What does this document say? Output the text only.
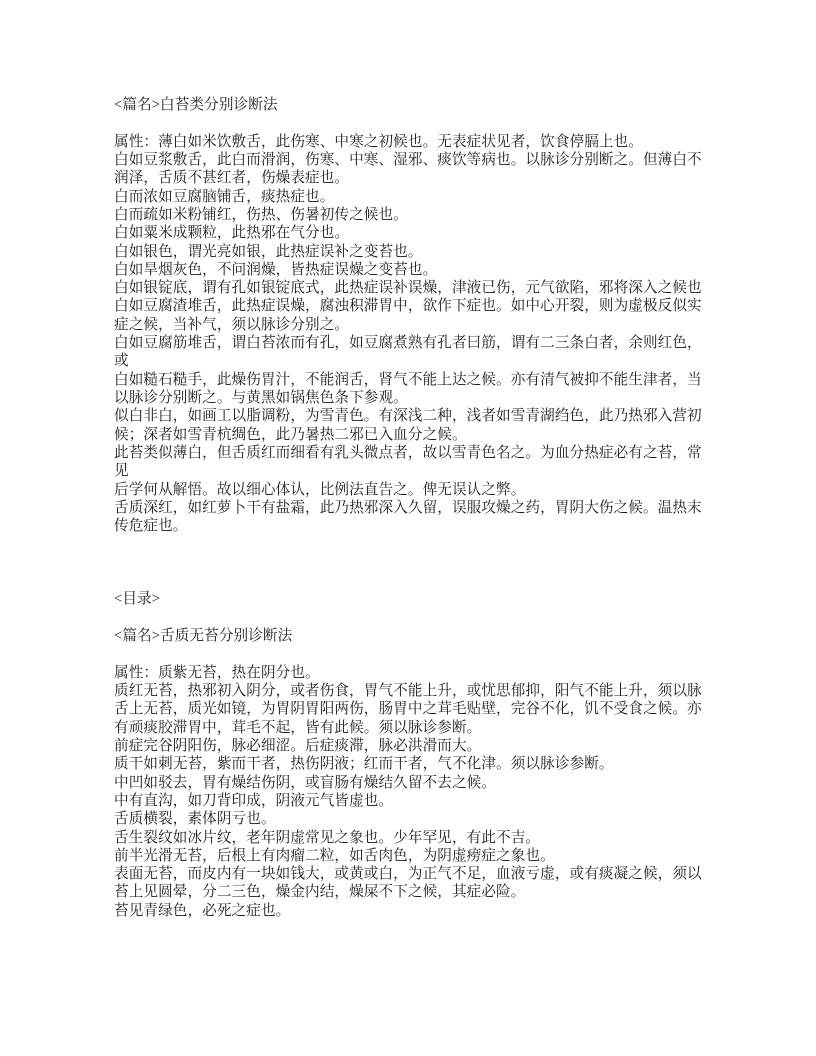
<篇名>白苔类分别诊断法
属性：薄白如米饮敷舌，此伤寒、中寒之初候也。无表症状见者，饮食停膈上也。
白如豆浆敷舌，此白而滑润，伤寒、中寒、湿邪、痰饮等病也。以脉诊分别断之。但薄白不
润泽，舌质不甚红者，伤燥表症也。
白而浓如豆腐脑铺舌，痰热症也。
白而疏如米粉铺红，伤热、伤暑初传之候也。
白如粟米成颗粒，此热邪在气分也。
白如银色，谓光亮如银，此热症误补之变苔也。
白如旱烟灰色，不问润燥，皆热症误燥之变苔也。
白如银锭底，谓有孔如银锭底式，此热症误补误燥，津液已伤，元气欲陷，邪将深入之候也
白如豆腐渣堆舌，此热症误燥，腐浊积滞胃中，欲作下症也。如中心开裂，则为虚极反似实
症之候，当补气，须以脉诊分别之。
白如豆腐筋堆舌，谓白苔浓而有孔，如豆腐煮熟有孔者曰筋，谓有二三条白者，余则红色，
或
白如糙石糙手，此燥伤胃汁，不能润舌，肾气不能上达之候。亦有清气被抑不能生津者，当
以脉诊分别断之。与黄黑如锅焦色条下参观。
似白非白，如画工以脂调粉，为雪青色。有深浅二种，浅者如雪青湖绉色，此乃热邪入营初
候；深者如雪青杭绸色，此乃暑热二邪已入血分之候。
此苔类似薄白，但舌质红而细看有乳头微点者，故以雪青色名之。为血分热症必有之苔，常
见
后学何从解悟。故以细心体认，比例法直告之。俾无误认之弊。
舌质深红，如红萝卜干有盐霜，此乃热邪深入久留，误服攻燥之药，胃阴大伤之候。温热末
传危症也。
<目录>
<篇名>舌质无苔分别诊断法
属性：质紫无苔，热在阴分也。
质红无苔，热邪初入阴分，或者伤食，胃气不能上升，或忧思郁抑，阳气不能上升，须以脉
舌上无苔，质光如镜，为胃阴胃阳两伤，肠胃中之茸毛贴壁，完谷不化，饥不受食之候。亦
有顽痰胶滞胃中，茸毛不起，皆有此候。须以脉诊参断。
前症完谷阴阳伤，脉必细涩。后症痰滞，脉必洪滑而大。
质干如刺无苔，紫而干者，热伤阴液；红而干者，气不化津。须以脉诊参断。
中凹如驳去，胃有燥结伤阴，或盲肠有燥结久留不去之候。
中有直沟，如刀背印成，阴液元气皆虚也。
舌质横裂，素体阴亏也。
舌生裂纹如冰片纹，老年阴虚常见之象也。少年罕见，有此不吉。
前半光滑无苔，后根上有肉瘤二粒，如舌肉色，为阴虚痨症之象也。
表面无苔，而皮内有一块如钱大，或黄或白，为正气不足，血液亏虚，或有痰凝之候，须以
苔上见圆晕，分二三色，燥金内结，燥屎不下之候，其症必险。
苔见青绿色，必死之症也。
